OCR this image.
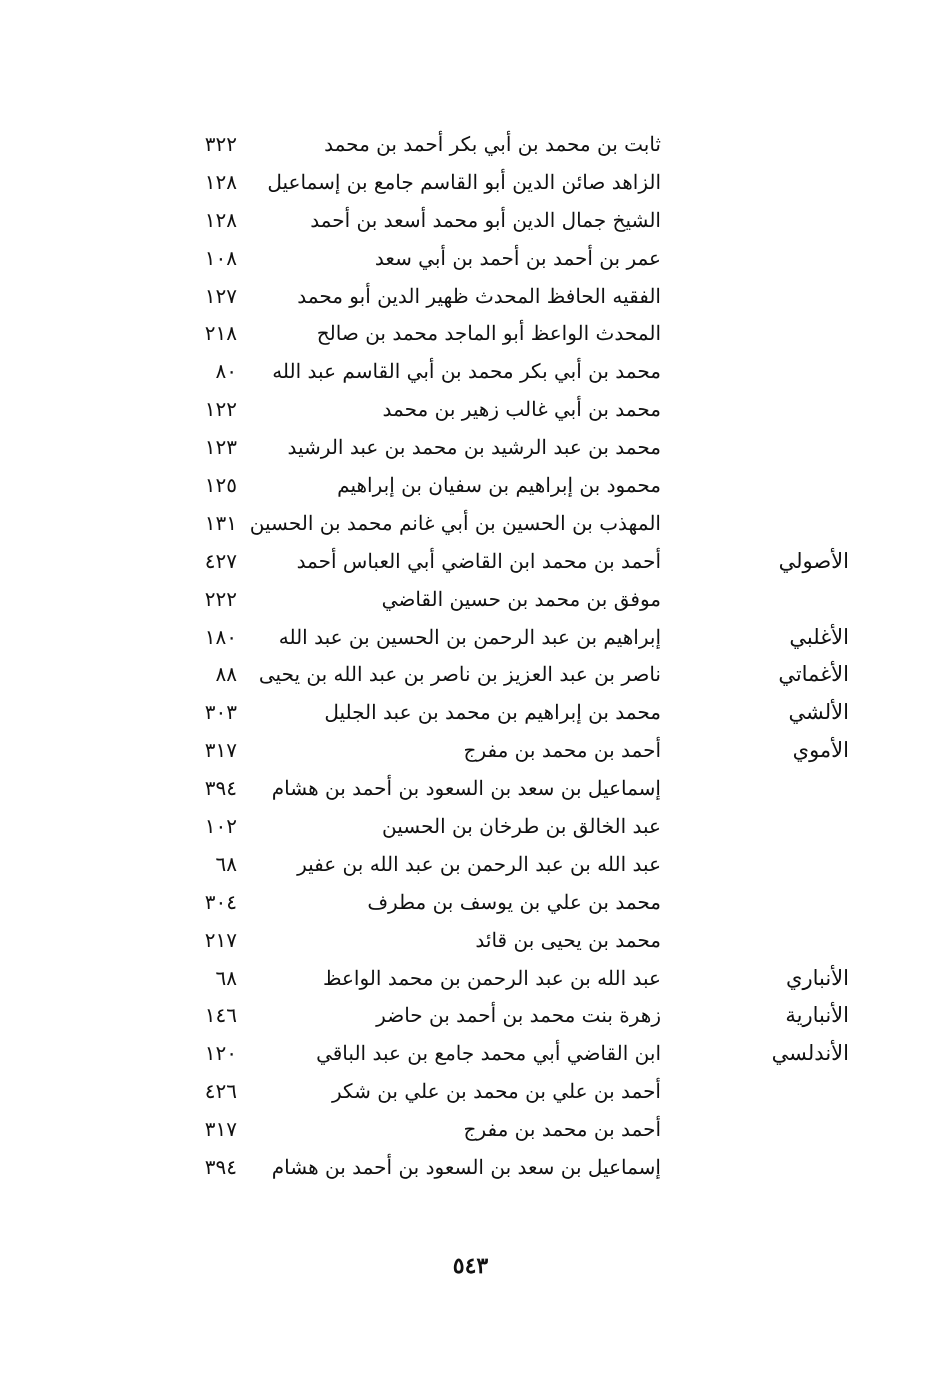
ثابت بن محمد بن أبي بكر أحمد بن محمد
٣٢٢
الزاهد صائن الدين أبو القاسم جامع بن إسماعيل
١٢٨
الشيخ جمال الدين أبو محمد أسعد بن أحمد
١٢٨
عمر بن أحمد بن أحمد بن أبي سعد
١٠٨
الفقيه الحافظ المحدث ظهير الدين أبو محمد
١٢٧
المحدث الواعظ أبو الماجد محمد بن صالح
٢١٨
محمد بن أبي بكر محمد بن أبي القاسم عبد الله
٨٠
محمد بن أبي غالب زهير بن محمد
١٢٢
محمد بن عبد الرشيد بن محمد بن عبد الرشيد
١٢٣
محمود بن إبراهيم بن سفيان بن إبراهيم
١٢٥
المهذب بن الحسين بن أبي غانم محمد بن الحسين
١٣١
الأصولي
أحمد بن محمد ابن القاضي أبي العباس أحمد
٤٢٧
موفق بن محمد بن حسين القاضي
٢٢٢
الأغلبي
إبراهيم بن عبد الرحمن بن الحسين بن عبد الله
١٨٠
الأغماتي
ناصر بن عبد العزيز بن ناصر بن عبد الله بن يحيى
٨٨
الألشي
محمد بن إبراهيم بن محمد بن عبد الجليل
٣٠٣
الأموي
أحمد بن محمد بن مفرج
٣١٧
إسماعيل بن سعد بن السعود بن أحمد بن هشام
٣٩٤
عبد الخالق بن طرخان بن الحسين
١٠٢
عبد الله بن عبد الرحمن بن عبد الله بن عفير
٦٨
محمد بن علي بن يوسف بن مطرف
٣٠٤
محمد بن يحيى بن قائد
٢١٧
الأنباري
عبد الله بن عبد الرحمن بن محمد الواعظ
٦٨
الأنبارية
زهرة بنت محمد بن أحمد بن حاضر
١٤٦
الأندلسي
ابن القاضي أبي محمد جامع بن عبد الباقي
١٢٠
أحمد بن علي بن محمد بن علي بن شكر
٤٢٦
أحمد بن محمد بن مفرج
٣١٧
إسماعيل بن سعد بن السعود بن أحمد بن هشام
٣٩٤
٥٤٣
